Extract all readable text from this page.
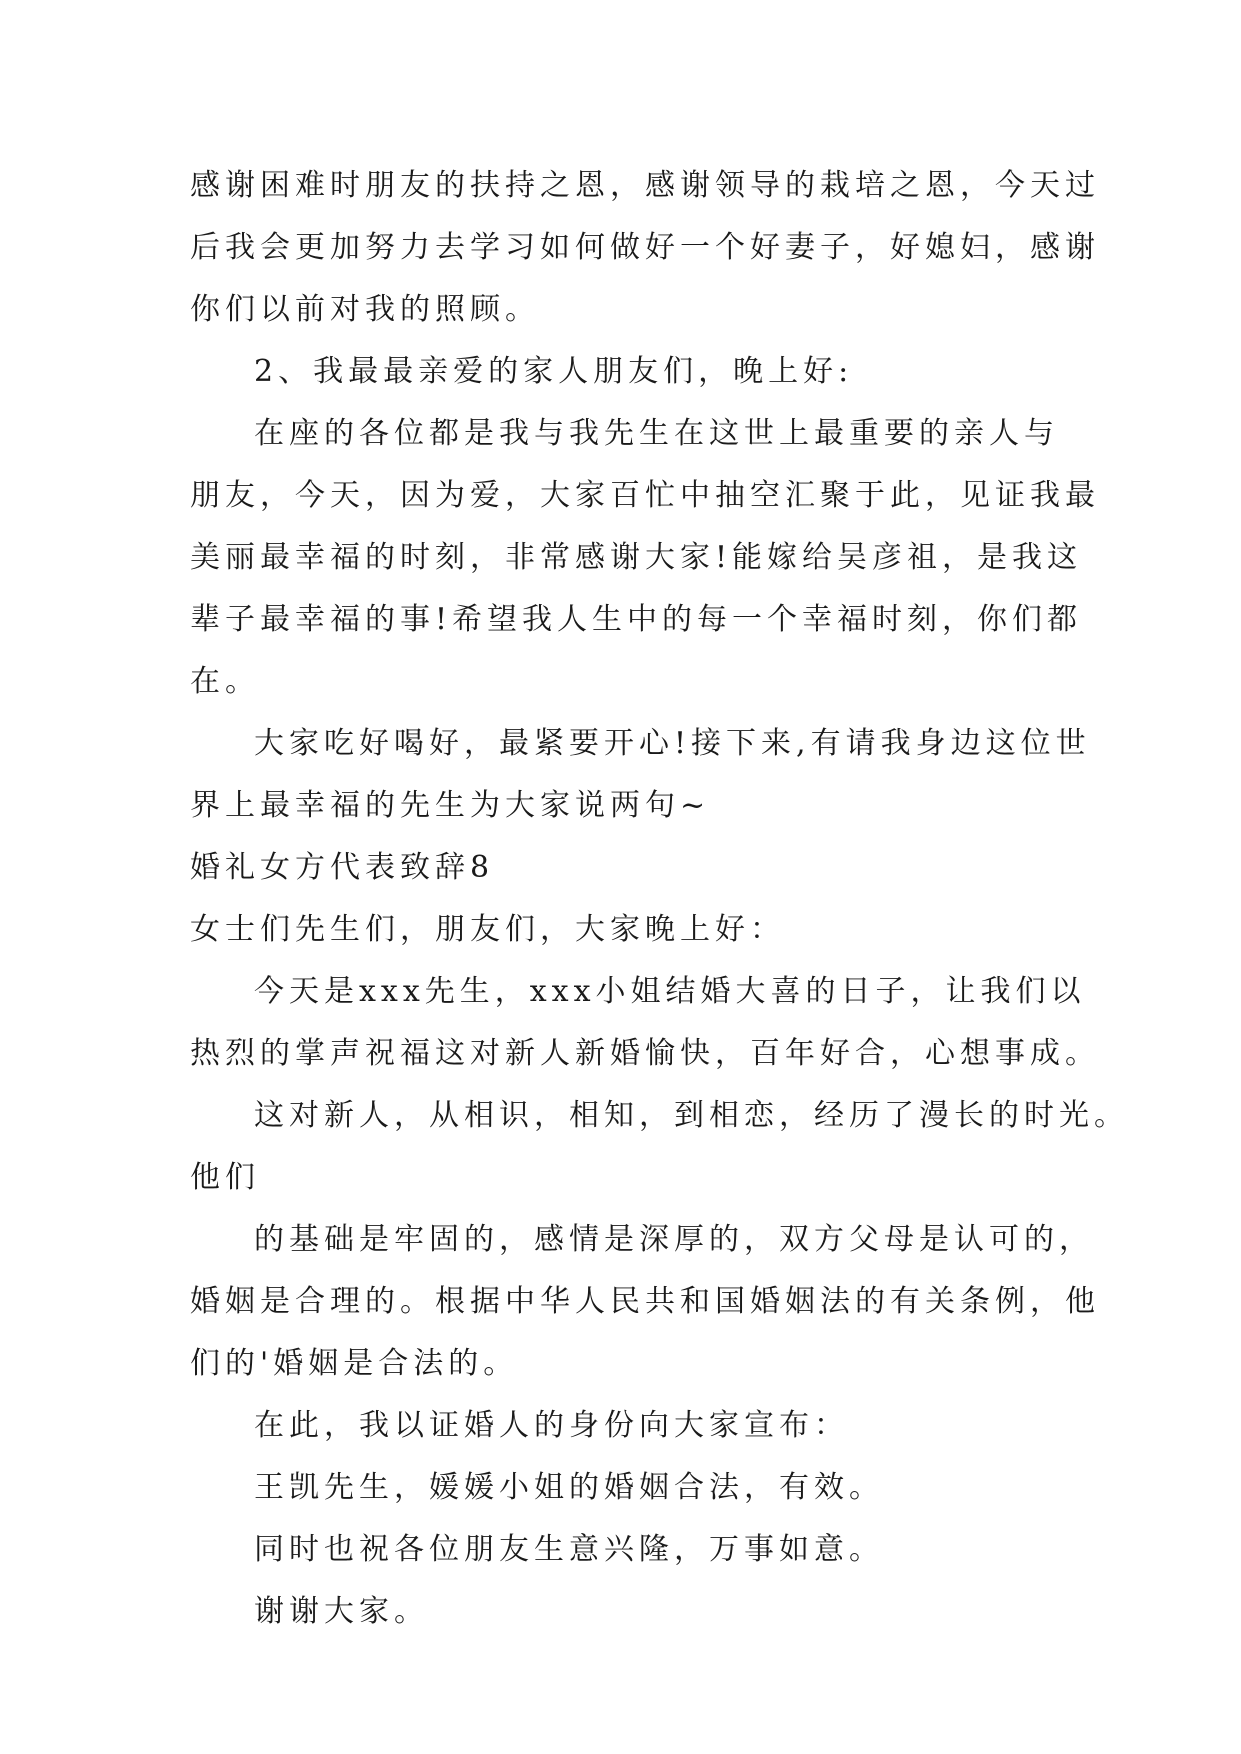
感谢困难时朋友的扶持之恩，感谢领导的栽培之恩，今天过
后我会更加努力去学习如何做好一个好妻子，好媳妇，感谢
你们以前对我的照顾。
2、我最最亲爱的家人朋友们，晚上好:
在座的各位都是我与我先生在这世上最重要的亲人与
朋友，今天，因为爱，大家百忙中抽空汇聚于此，见证我最
美丽最幸福的时刻，非常感谢大家!能嫁给吴彦祖，是我这
辈子最幸福的事!希望我人生中的每一个幸福时刻，你们都
在。
大家吃好喝好，最紧要开心!接下来,有请我身边这位世
界上最幸福的先生为大家说两句~
婚礼女方代表致辞8
女士们先生们，朋友们，大家晚上好：
今天是xxx先生，xxx小姐结婚大喜的日子，让我们以
热烈的掌声祝福这对新人新婚愉快，百年好合，心想事成。
这对新人，从相识，相知，到相恋，经历了漫长的时光。
他们
的基础是牢固的，感情是深厚的，双方父母是认可的，
婚姻是合理的。根据中华人民共和国婚姻法的有关条例，他
们的'婚姻是合法的。
在此，我以证婚人的身份向大家宣布：
王凯先生，媛媛小姐的婚姻合法，有效。
同时也祝各位朋友生意兴隆，万事如意。
谢谢大家。
